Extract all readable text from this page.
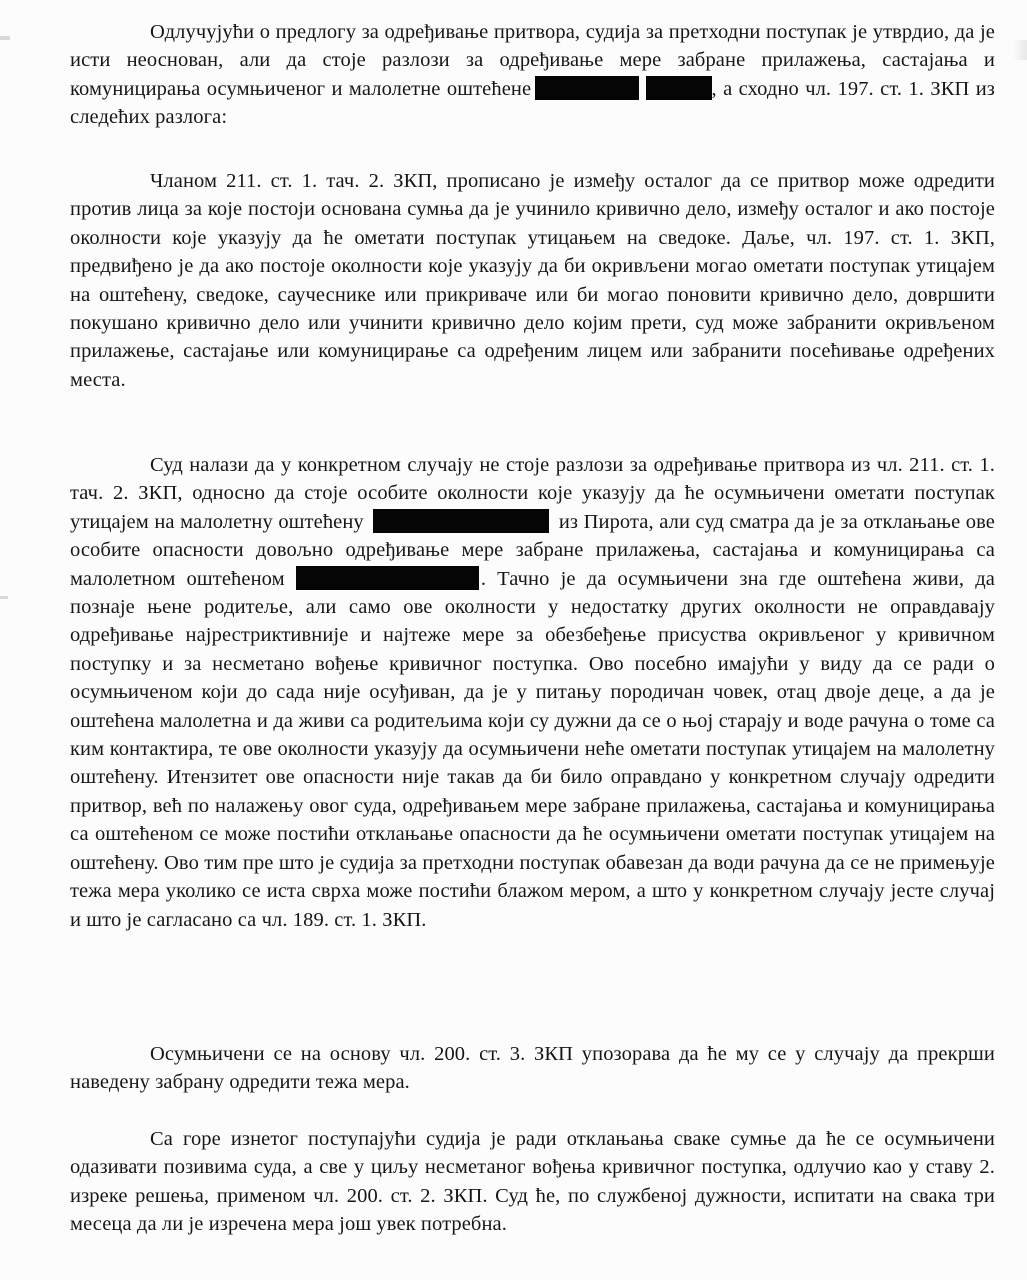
Одлучујући о предлогу за одређивање притвора, судија за претходни поступак је утврдио, да је исти неоснован, али да стоје разлози за одређивање мере забране прилажења, састајања и комуницирања осумњиченог и малолетне оштећене	, а сходно чл. 197. ст. 1. ЗКП из следећих разлога:
Чланом 211. ст. 1. тач. 2. ЗКП, прописано је између осталог да се притвор може одредити против лица за које постоји основана сумња да је учинило кривично дело, између осталог и ако постоје околности које указују да ће ометати поступак утицањем на сведоке. Даље, чл. 197. ст. 1. ЗКП, предвиђено је да ако постоје околности које указују да би окривљени могао ометати поступак утицајем на оштећену, сведоке, саучеснике или прикриваче или би могао поновити кривично дело, довршити покушано кривично дело или учинити кривично дело којим прети, суд може забранити окривљеном прилажење, састајање или комуницирање са одређеним лицем или забранити посећивање одређених места.
Суд налази да у конкретном случају не стоје разлози за одређивање притвора из чл. 211. ст. 1. тач. 2. ЗКП, односно да стоје особите околности које указују да ће осумњичени ометати поступак утицајем на малолетну оштећену	из Пирота, али суд сматра да је за отклањање ове особите опасности довољно одређивање мере забране прилажења, састајања и комуницирања са малолетном оштећеном	. Тачно је да осумњичени зна где оштећена живи, да познаје њене родитеље, али само ове околности у недостатку других околности не оправдавају одређивање најрестриктивније и најтеже мере за обезбеђење присуства окривљеног у кривичном поступку и за несметано вођење кривичног поступка. Ово посебно имајући у виду да се ради о осумњиченом који до сада није осуђиван, да је у питању породичан човек, отац двоје деце, а да је оштећена малолетна и да живи са родитељима који су дужни да се о њој старају и воде рачуна о томе са ким контактира, те ове околности указују да осумњичени неће ометати поступак утицајем на малолетну оштећену. Итензитет ове опасности није такав да би било оправдано у конкретном случају одредити притвор, већ по налажењу овог суда, одређивањем мере забране прилажења, састајања и комуницирања са оштећеном се може постићи отклањање опасности да ће осумњичени ометати поступак утицајем на оштећену. Ово тим пре што је судија за претходни поступак обавезан да води рачуна да се не примењује тежа мера уколико се иста сврха може постићи блажом мером, а што у конкретном случају јесте случај и што је сагласано са чл. 189. ст. 1. ЗКП.
Осумњичени се на основу чл. 200. ст. 3. ЗКП упозорава да ће му се у случају да прекрши наведену забрану одредити тежа мера.
Са горе изнетог поступајући судија је ради отклањања сваке сумње да ће се осумњичени одазивати позивима суда, а све у циљу несметаног вођења кривичног поступка, одлучио као у ставу 2. изреке решења, применом чл. 200. ст. 2. ЗКП. Суд ће, по службеној дужности, испитати на свака три месеца да ли је изречена мера још увек потребна.
